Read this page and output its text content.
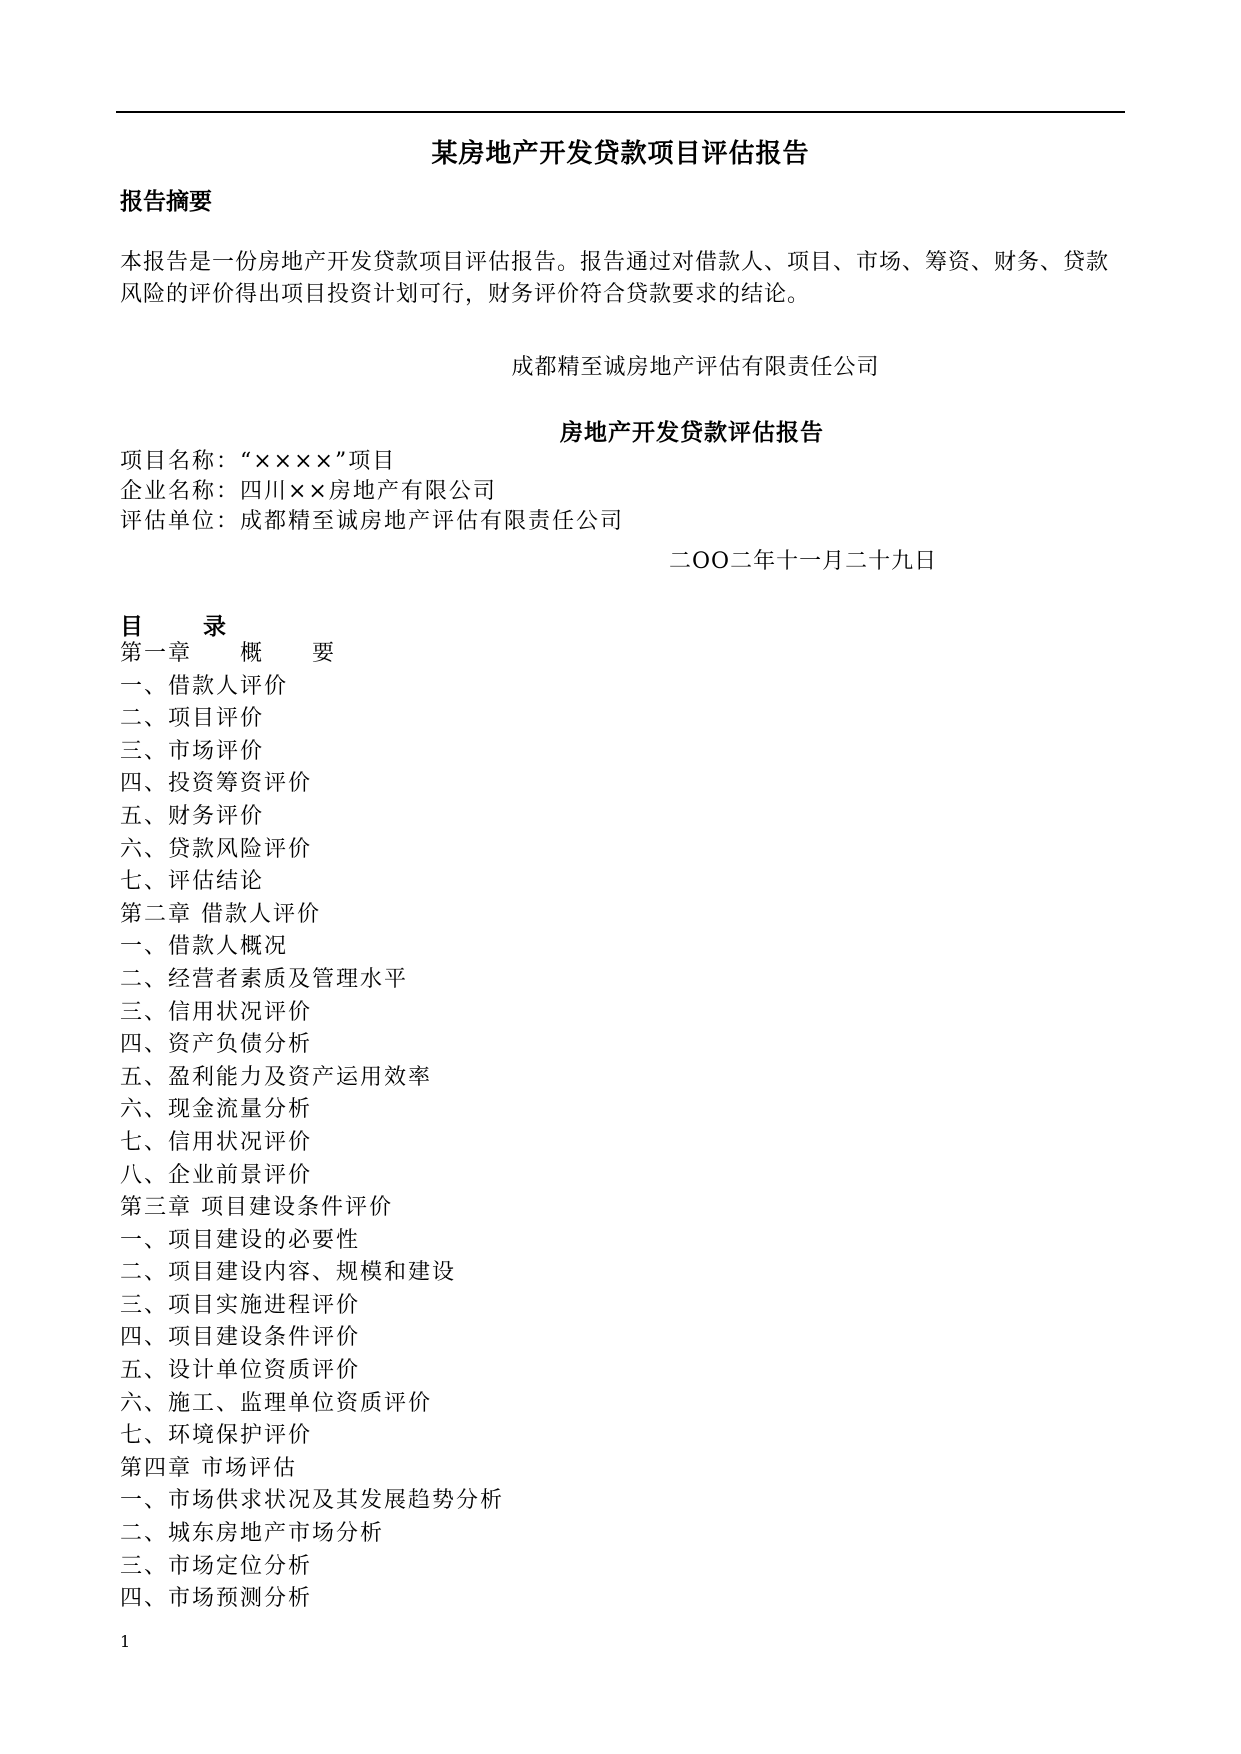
某房地产开发贷款项目评估报告
报告摘要
本报告是一份房地产开发贷款项目评估报告。报告通过对借款人、项目、市场、筹资、财务、贷款风险的评价得出项目投资计划可行，财务评价符合贷款要求的结论。
成都精至诚房地产评估有限责任公司
房地产开发贷款评估报告
项目名称：“××××”项目
企业名称：四川××房地产有限公司
评估单位：成都精至诚房地产评估有限责任公司
二OO二年十一月二十九日
目	录
第一章　　概　　要
一、借款人评价
二、项目评价
三、市场评价
四、投资筹资评价
五、财务评价
六、贷款风险评价
七、评估结论
第二章 借款人评价
一、借款人概况
二、经营者素质及管理水平
三、信用状况评价
四、资产负债分析
五、盈利能力及资产运用效率
六、现金流量分析
七、信用状况评价
八、企业前景评价
第三章 项目建设条件评价
一、项目建设的必要性
二、项目建设内容、规模和建设
三、项目实施进程评价
四、项目建设条件评价
五、设计单位资质评价
六、施工、监理单位资质评价
七、环境保护评价
第四章 市场评估
一、市场供求状况及其发展趋势分析
二、城东房地产市场分析
三、市场定位分析
四、市场预测分析
1
